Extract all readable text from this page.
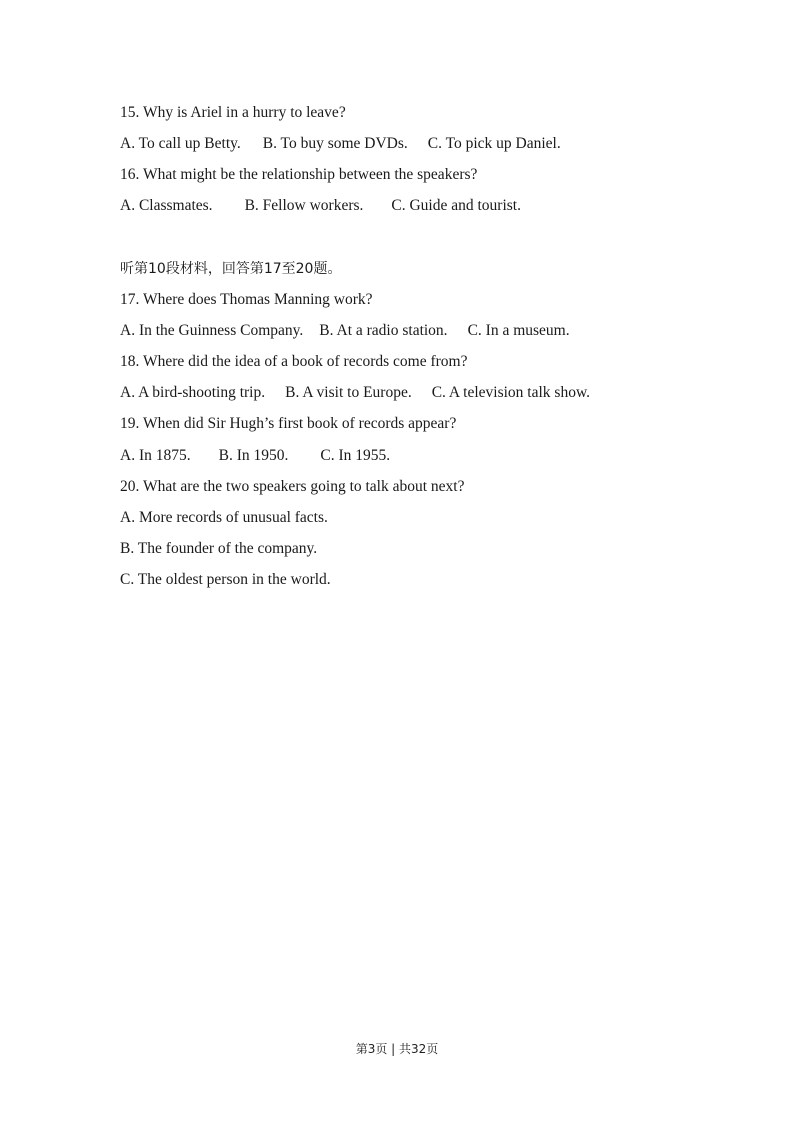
15. Why is Ariel in a hurry to leave?
A. To call up Betty. B. To buy some DVDs. C. To pick up Daniel.
16. What might be the relationship between the speakers?
A. Classmates. B. Fellow workers. C. Guide and tourist.
听第10段材料，回答第17至20题。
17. Where does Thomas Manning work?
A. In the Guinness Company. B. At a radio station. C. In a museum.
18. Where did the idea of a book of records come from?
A. A bird-shooting trip. B. A visit to Europe. C. A television talk show.
19. When did Sir Hugh’s first book of records appear?
A. In 1875. B. In 1950. C. In 1955.
20. What are the two speakers going to talk about next?
A. More records of unusual facts.
B. The founder of the company.
C. The oldest person in the world.
第3页 | 共32页
